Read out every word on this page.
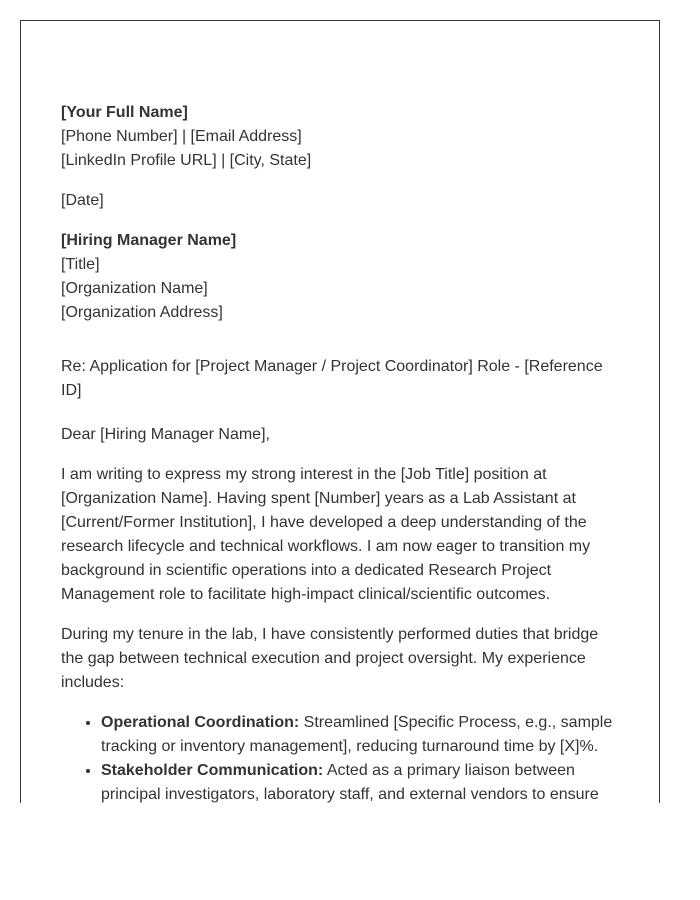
[Your Full Name]
[Phone Number] | [Email Address]
[LinkedIn Profile URL] | [City, State]
[Date]
[Hiring Manager Name]
[Title]
[Organization Name]
[Organization Address]

Re: Application for [Project Manager / Project Coordinator] Role - [Reference ID]

Dear [Hiring Manager Name],

I am writing to express my strong interest in the [Job Title] position at [Organization Name]. Having spent [Number] years as a Lab Assistant at [Current/Former Institution], I have developed a deep understanding of the research lifecycle and technical workflows. I am now eager to transition my background in scientific operations into a dedicated Research Project Management role to facilitate high-impact clinical/scientific outcomes.

During my tenure in the lab, I have consistently performed duties that bridge the gap between technical execution and project oversight. My experience includes:

• Operational Coordination: Streamlined [Specific Process, e.g., sample tracking or inventory management], reducing turnaround time by [X]%.
• Stakeholder Communication: Acted as a primary liaison between principal investigators, laboratory staff, and external vendors to ensure
